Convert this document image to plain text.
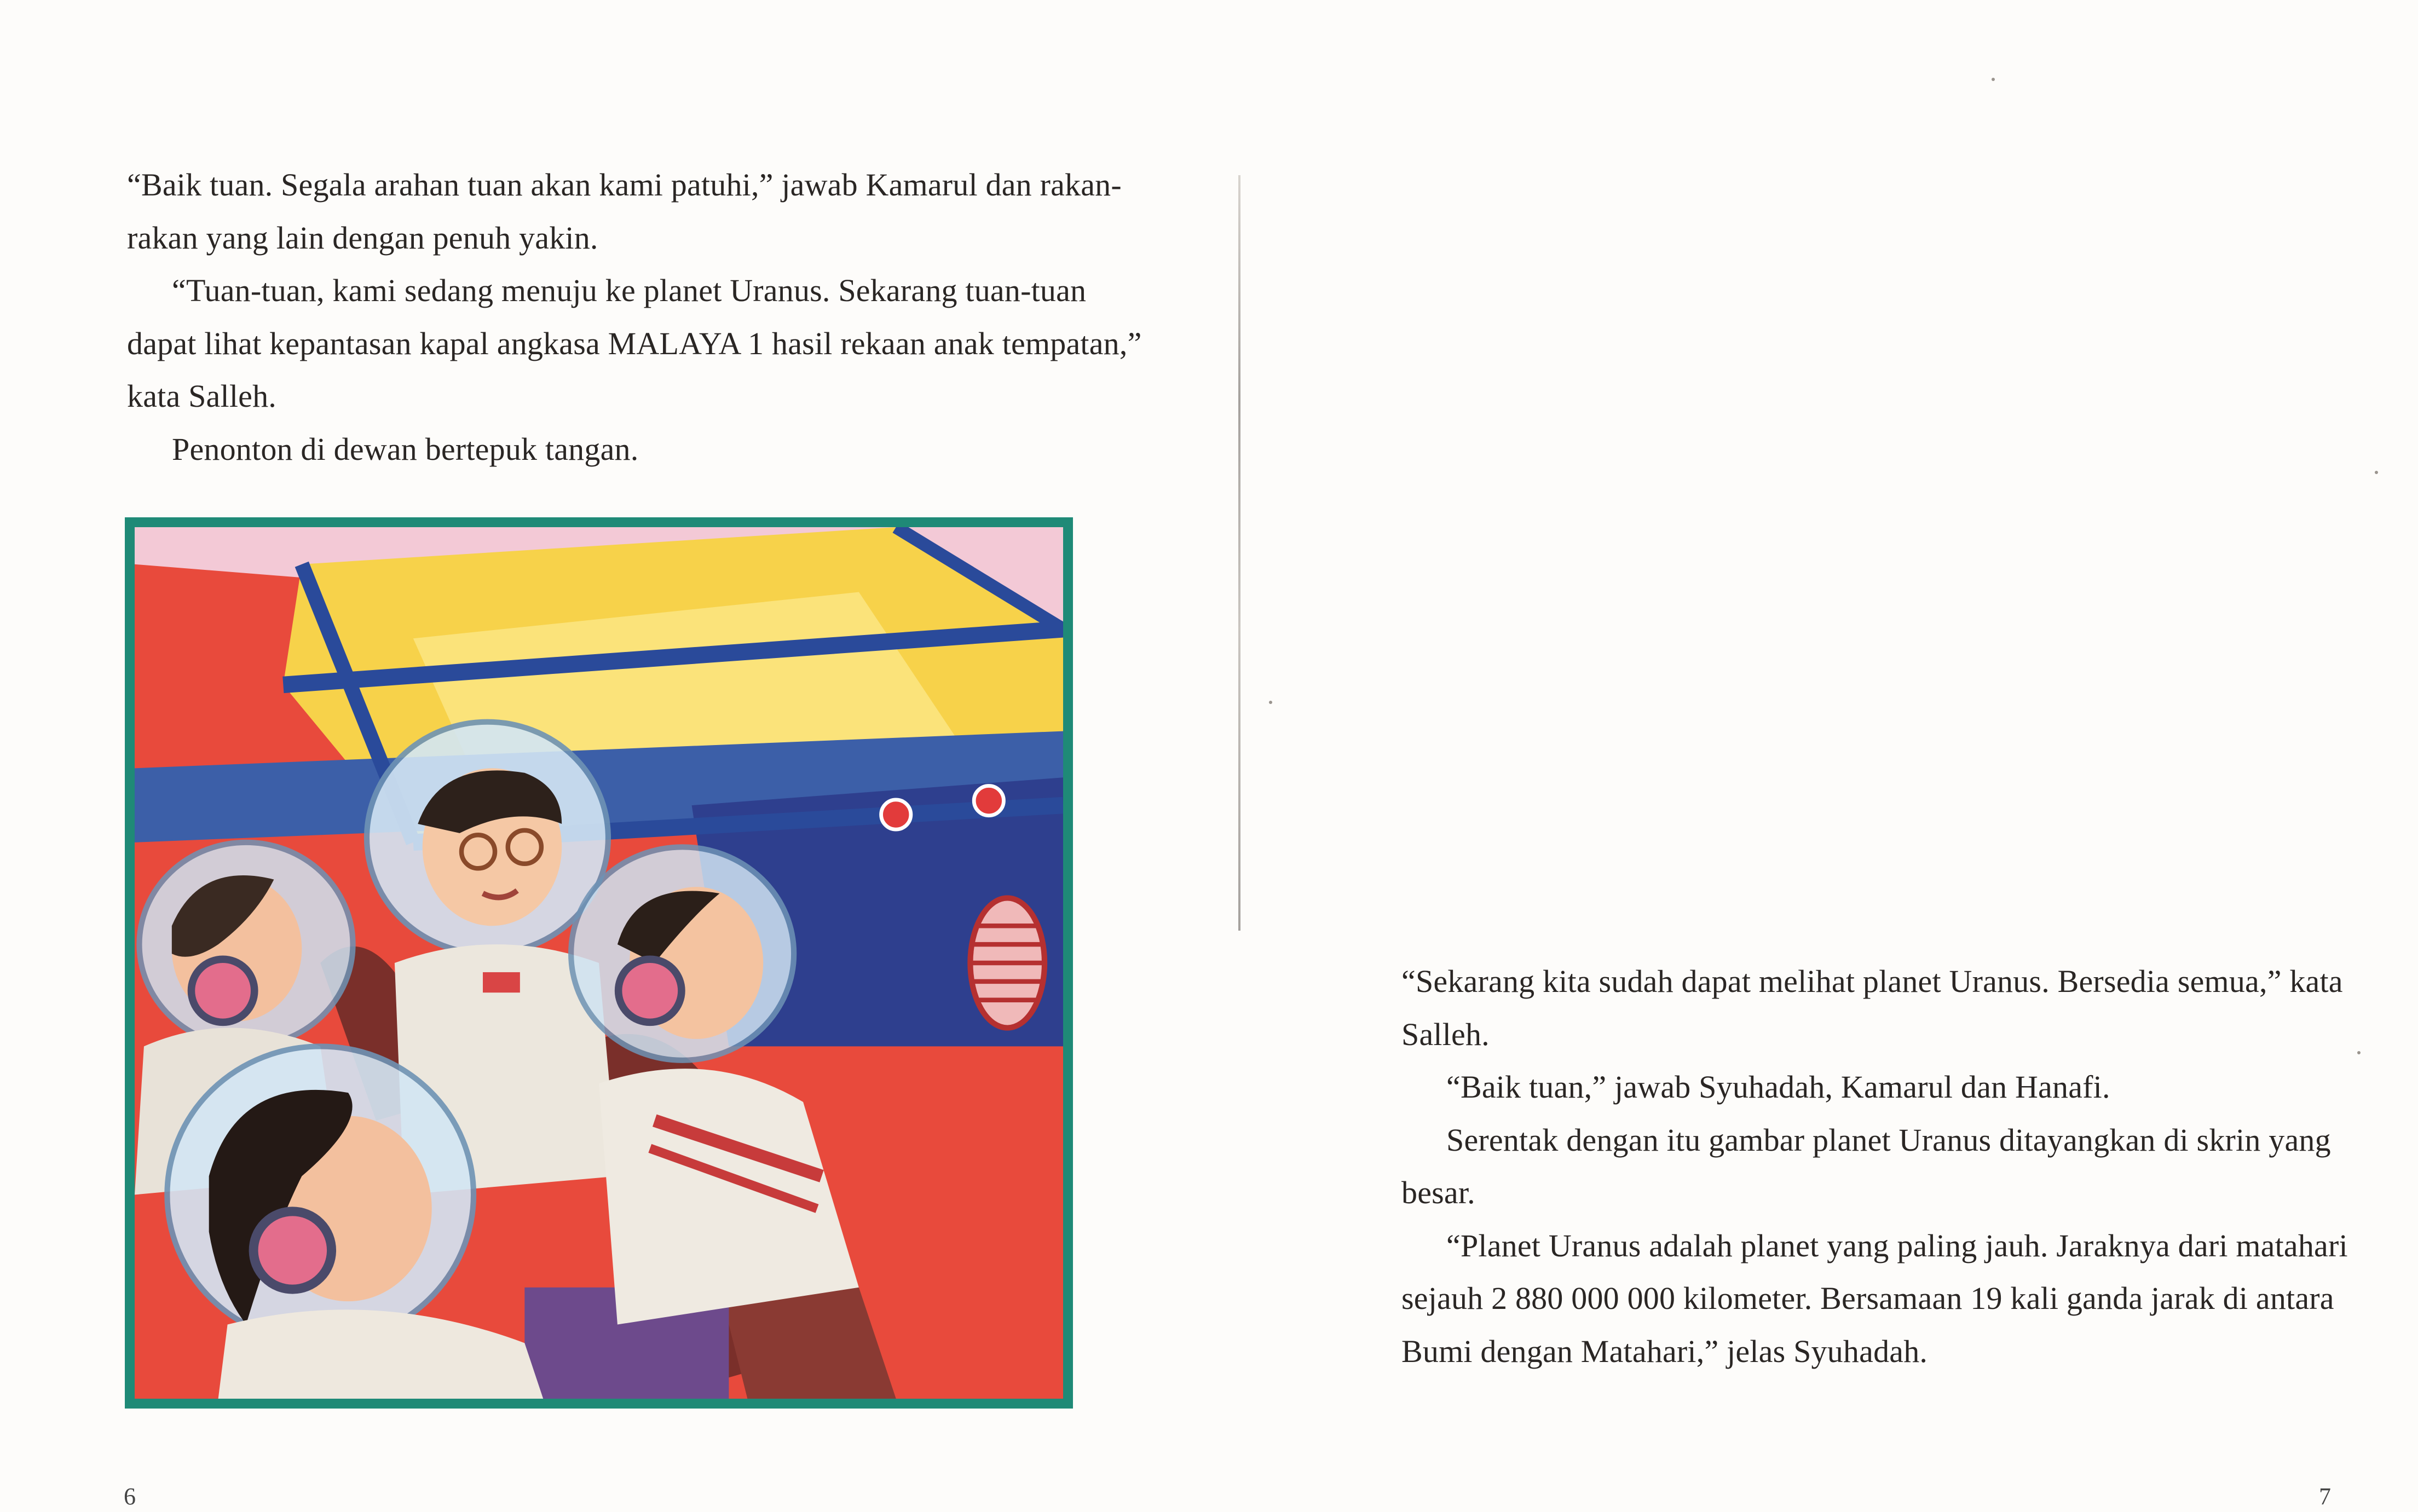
“Baik tuan. Segala arahan tuan akan kami patuhi,” jawab Kamarul dan rakan-rakan yang lain dengan penuh yakin.

“Tuan-tuan, kami sedang menuju ke planet Uranus. Sekarang tuan-tuan dapat lihat kepantasan kapal angkasa MALAYA 1 hasil rekaan anak tempatan,” kata Salleh.

Penonton di dewan bertepuk tangan.

6

“Sekarang kita sudah dapat melihat planet Uranus. Bersedia semua,” kata Salleh.

“Baik tuan,” jawab Syuhadah, Kamarul dan Hanafi.

Serentak dengan itu gambar planet Uranus ditayangkan di skrin yang besar.

“Planet Uranus adalah planet yang paling jauh. Jaraknya dari matahari sejauh 2 880 000 000 kilometer. Bersamaan 19 kali ganda jarak di antara Bumi dengan Matahari,” jelas Syuhadah.

7
